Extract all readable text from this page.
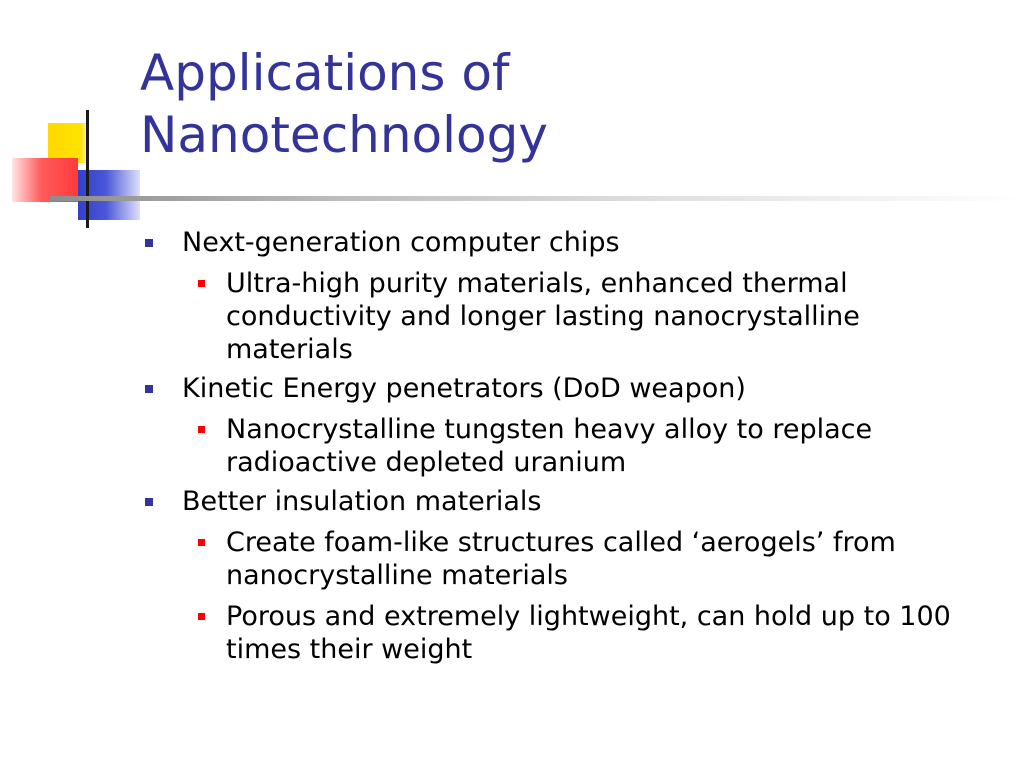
Applications of
Nanotechnology
Next-generation computer chips
Ultra-high purity materials, enhanced thermal conductivity and longer lasting nanocrystalline materials
Kinetic Energy penetrators (DoD weapon)
Nanocrystalline tungsten heavy alloy to replace radioactive depleted uranium
Better insulation materials
Create foam-like structures called ‘aerogels’ from nanocrystalline materials
Porous and extremely lightweight, can hold up to 100 times their weight
